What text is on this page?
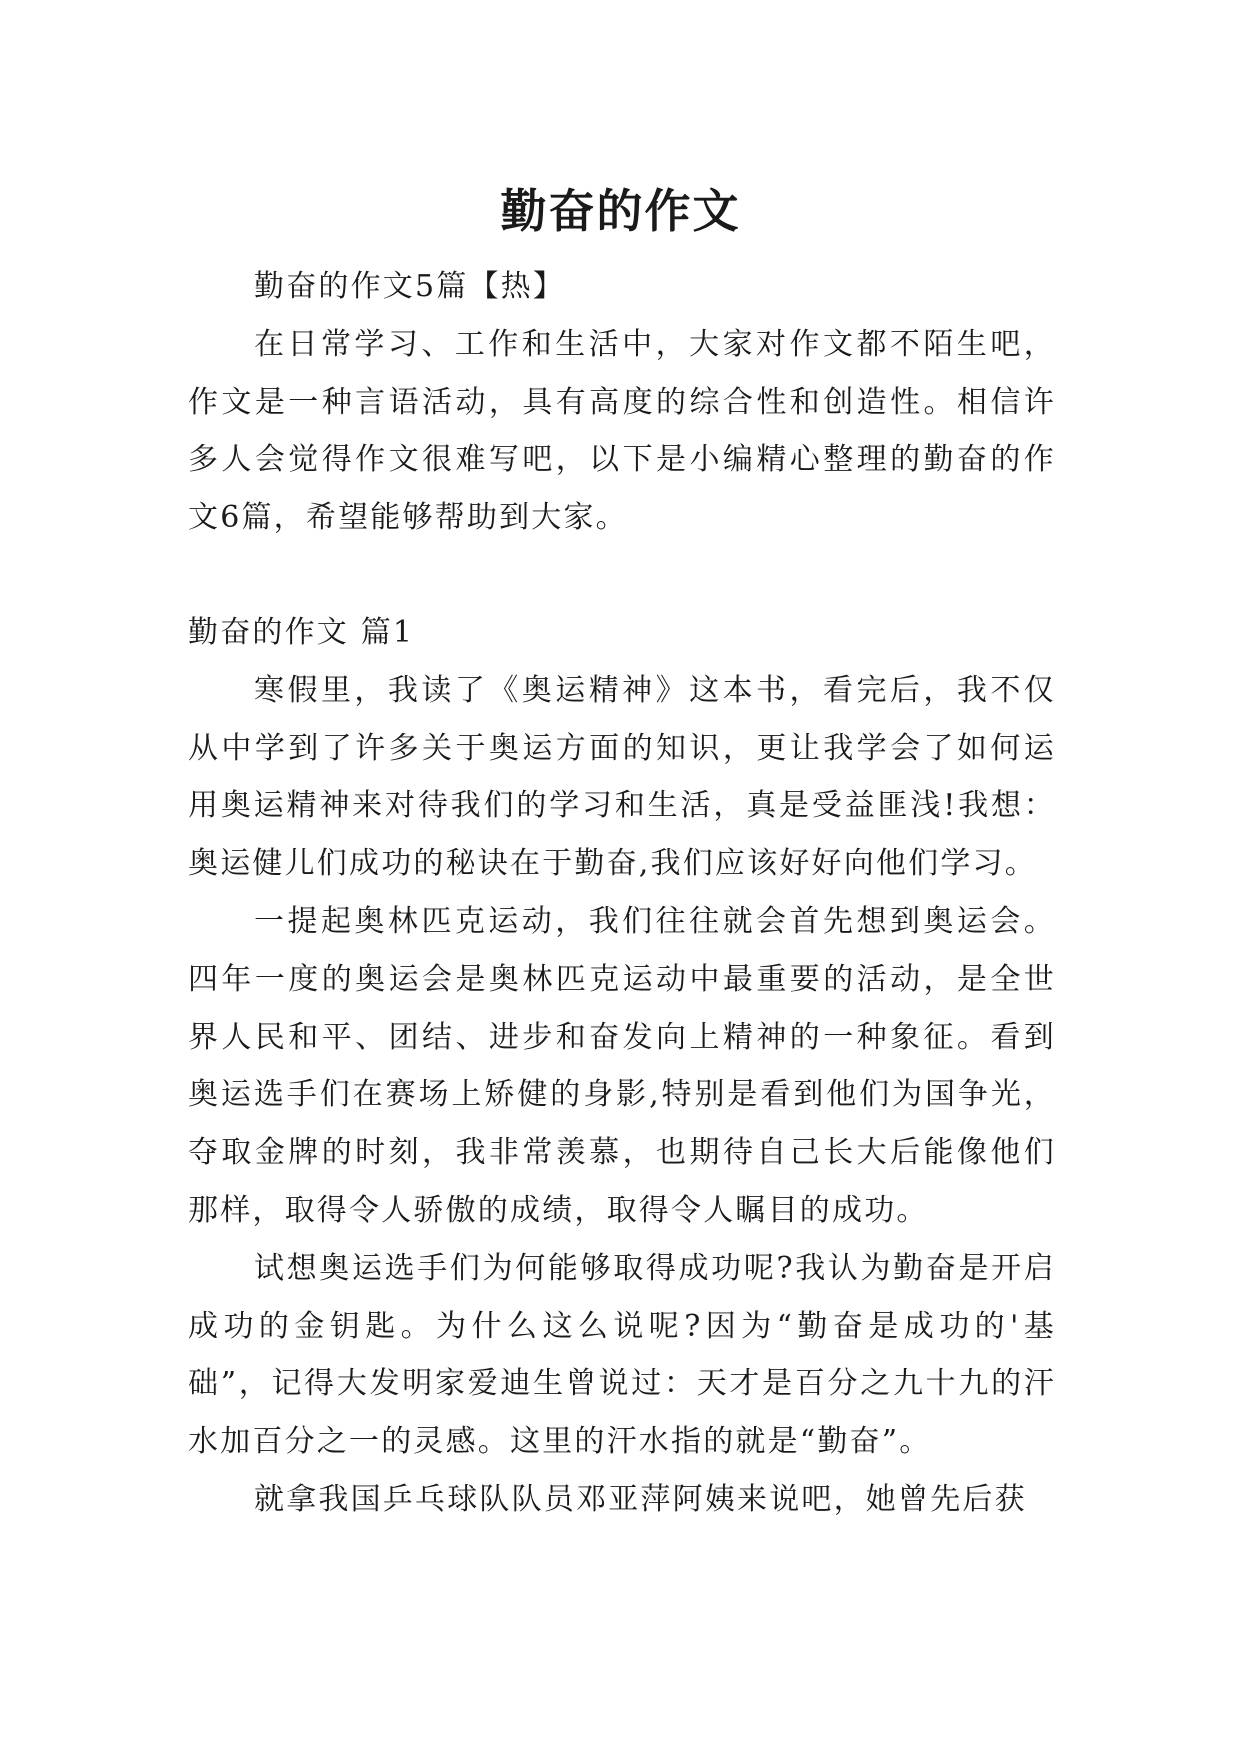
勤奋的作文

勤奋的作文5篇【热】

在日常学习、工作和生活中，大家对作文都不陌生吧，作文是一种言语活动，具有高度的综合性和创造性。相信许多人会觉得作文很难写吧，以下是小编精心整理的勤奋的作文6篇，希望能够帮助到大家。

勤奋的作文 篇1

寒假里，我读了《奥运精神》这本书，看完后，我不仅从中学到了许多关于奥运方面的知识，更让我学会了如何运用奥运精神来对待我们的学习和生活，真是受益匪浅!我想：奥运健儿们成功的秘诀在于勤奋,我们应该好好向他们学习。

一提起奥林匹克运动，我们往往就会首先想到奥运会。四年一度的奥运会是奥林匹克运动中最重要的活动，是全世界人民和平、团结、进步和奋发向上精神的一种象征。看到奥运选手们在赛场上矫健的身影,特别是看到他们为国争光，夺取金牌的时刻，我非常羡慕，也期待自己长大后能像他们那样，取得令人骄傲的成绩，取得令人瞩目的成功。

试想奥运选手们为何能够取得成功呢?我认为勤奋是开启成功的金钥匙。为什么这么说呢?因为“勤奋是成功的'基础”，记得大发明家爱迪生曾说过：天才是百分之九十九的汗水加百分之一的灵感。这里的汗水指的就是“勤奋”。

就拿我国乒乓球队队员邓亚萍阿姨来说吧，她曾先后获
